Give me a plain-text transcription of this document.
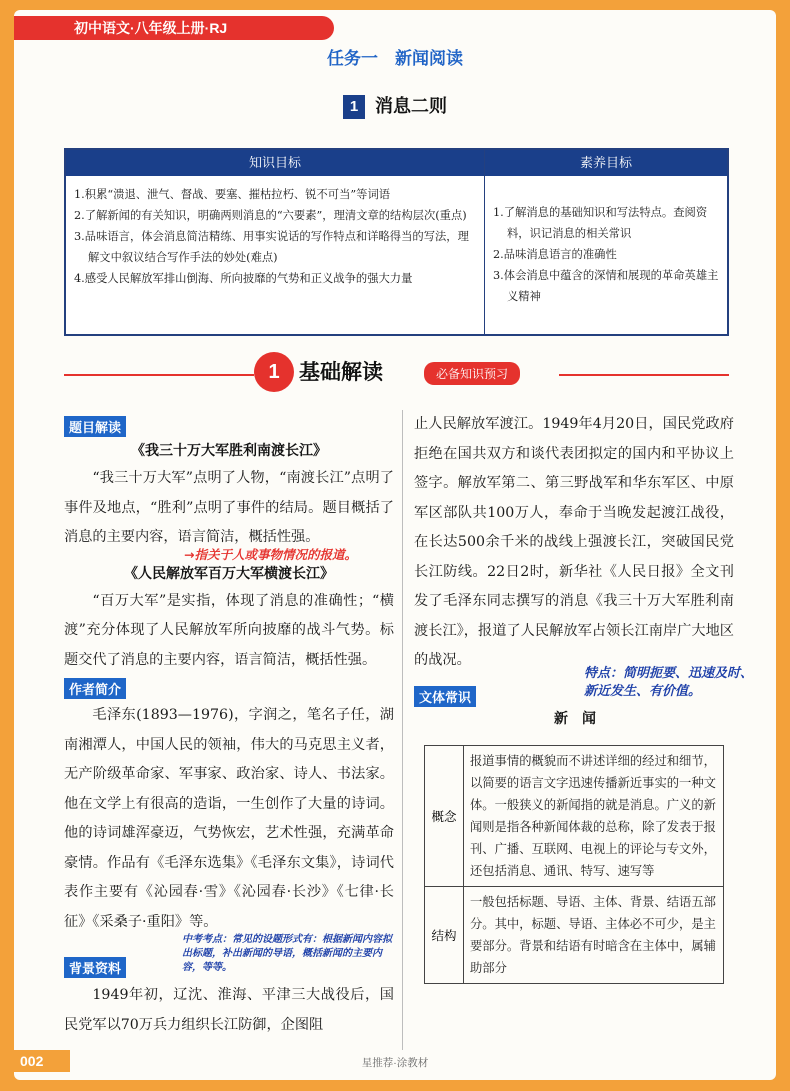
初中语文·八年级上册·RJ
任务一　新闻阅读
1 消息二则
知识目标
1.积累“溃退、泄气、督战、要塞、摧枯拉朽、锐不可当”等词语
2.了解新闻的有关知识，明确两则消息的“六要素”，理清文章的结构层次(重点)
3.品味语言，体会消息简洁精练、用事实说话的写作特点和详略得当的写法，理解文中叙议结合写作手法的妙处(难点)
4.感受人民解放军排山倒海、所向披靡的气势和正义战争的强大力量
素养目标
1.了解消息的基础知识和写法特点。查阅资料，识记消息的相关常识
2.品味消息语言的准确性
3.体会消息中蕴含的深情和展现的革命英雄主义精神
1 基础解读	必备知识预习
题目解读
《我三十万大军胜利南渡长江》

“我三十万大军”点明了人物，“南渡长江”点明了事件及地点，“胜利”点明了事件的结局。题目概括了消息的主要内容，语言简洁，概括性强。

《人民解放军百万大军横渡长江》

“百万大军”是实指，体现了消息的准确性；“横渡”充分体现了人民解放军所向披靡的战斗气势。标题交代了消息的主要内容，语言简洁，概括性强。

作者简介

毛泽东(1893—1976)，字润之，笔名子任，湖南湘潭人，中国人民的领袖，伟大的马克思主义者，无产阶级革命家、军事家、政治家、诗人、书法家。他在文学上有很高的造诣，一生创作了大量的诗词。他的诗词雄浑豪迈，气势恢宏，艺术性强，充满革命豪情。作品有《毛泽东选集》《毛泽东文集》，诗词代表作主要有《沁园春·雪》《沁园春·长沙》《七律·长征》《采桑子·重阳》等。

背景资料

1949年初，辽沈、淮海、平津三大战役后，国民党军以70万兵力组织长江防御，企图阻

止人民解放军渡江。1949年4月20日，国民党政府拒绝在国共双方和谈代表团拟定的国内和平协议上签字。解放军第二、第三野战军和华东军区、中原军区部队共100万人，奉命于当晚发起渡江战役，在长达500余千米的战线上强渡长江，突破国民党长江防线。22日2时，新华社《人民日报》全文刊发了毛泽东同志撰写的消息《我三十万大军胜利南渡长江》，报道了人民解放军占领长江南岸广大地区的战况。

文体常识
新　闻
概念
报道事情的概貌而不讲述详细的经过和细节，以简要的语言文字迅速传播新近事实的一种文体。一般狭义的新闻指的就是消息。广义的新闻则是指各种新闻体裁的总称，除了发表于报刊、广播、互联网、电视上的评论与专文外，还包括消息、通讯、特写、速写等
结构
一般包括标题、导语、主体、背景、结语五部分。其中，标题、导语、主体必不可少，是主要部分。背景和结语有时暗含在主体中，属辅助部分
→指关于人或事物情况的报道。
特点：简明扼要、迅速及时、新近发生、有价值。
中考考点：常见的设题形式有：根据新闻内容拟出标题，补出新闻的导语，概括新闻的主要内容，等等。
002	星推荐·涂教材
